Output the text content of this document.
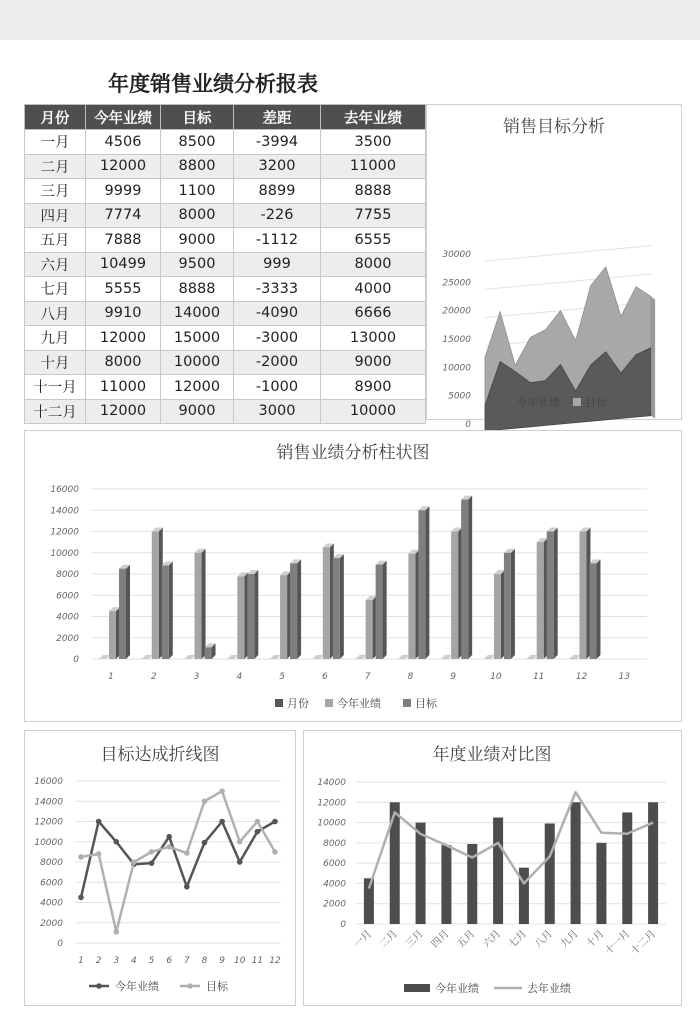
年度销售业绩分析报表
月份	今年业绩	目标	差距	去年业绩
一月	4506	8500	-3994	3500
二月	12000	8800	3200	11000
三月	9999	1100	8899	8888
四月	7774	8000	-226	7755
五月	7888	9000	-1112	6555
六月	10499	9500	999	8000
七月	5555	8888	-3333	4000
八月	9910	14000	-4090	6666
九月	12000	15000	-3000	13000
十月	8000	10000	-2000	9000
十一月	11000	12000	-1000	8900
十二月	12000	9000	3000	10000
销售目标分析
0
5000
10000
15000
20000
25000
30000
今年业绩 目标
销售业绩分析柱状图
0
2000
4000
6000
8000
10000
12000
14000
16000
1	2	3	4	5	6	7	8	9	10	11	12	13
月份	今年业绩	目标
目标达成折线图
0
2000
4000
6000
8000
10000
12000
14000
16000
1 2 3 4 5 6 7 8 9 10 11 12
今年业绩	目标
年度业绩对比图
0
2000
4000
6000
8000
10000
12000
14000
一月 二月 三月 四月 五月 六月 七月 八月 九月 十月
十一月
十二月
今年业绩	去年业绩
